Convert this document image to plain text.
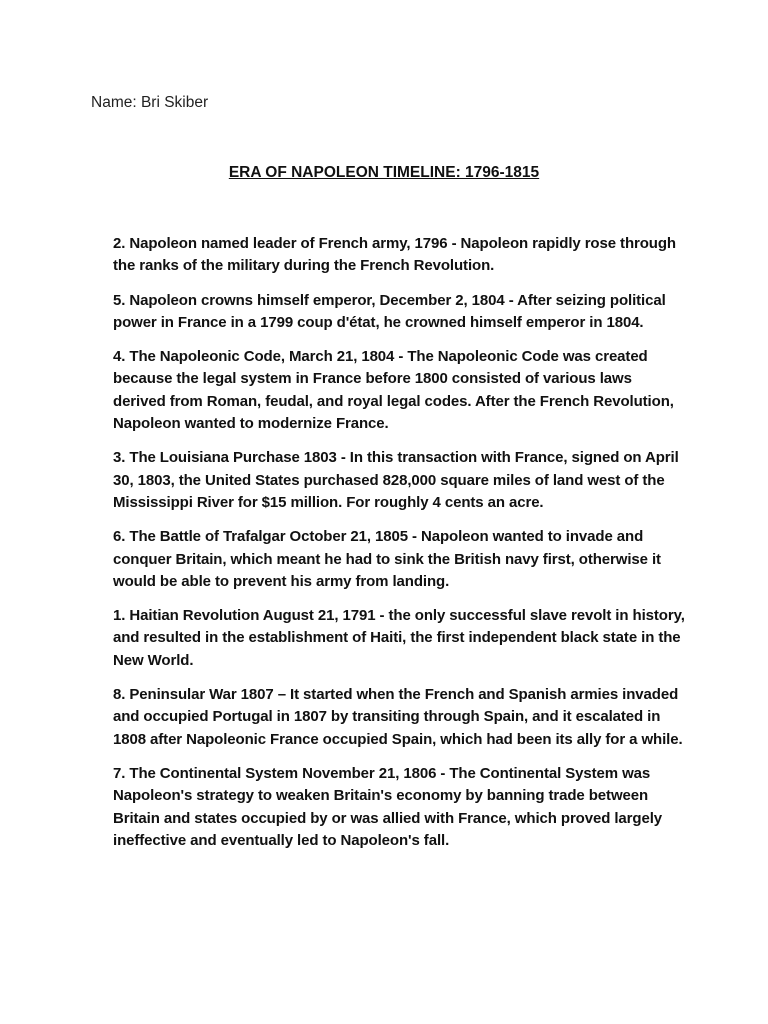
Name: Bri Skiber
ERA OF NAPOLEON TIMELINE: 1796-1815

2. Napoleon named leader of French army, 1796 - Napoleon rapidly rose through the ranks of the military during the French Revolution.

5. Napoleon crowns himself emperor, December 2, 1804 - After seizing political power in France in a 1799 coup d'état, he crowned himself emperor in 1804.

4. The Napoleonic Code, March 21, 1804 - The Napoleonic Code was created because the legal system in France before 1800 consisted of various laws derived from Roman, feudal, and royal legal codes. After the French Revolution, Napoleon wanted to modernize France.

3. The Louisiana Purchase 1803 - In this transaction with France, signed on April 30, 1803, the United States purchased 828,000 square miles of land west of the Mississippi River for $15 million. For roughly 4 cents an acre.

6. The Battle of Trafalgar October 21, 1805 - Napoleon wanted to invade and conquer Britain, which meant he had to sink the British navy first, otherwise it would be able to prevent his army from landing.

1. Haitian Revolution August 21, 1791 - the only successful slave revolt in history, and resulted in the establishment of Haiti, the first independent black state in the New World.

8. Peninsular War 1807 – It started when the French and Spanish armies invaded and occupied Portugal in 1807 by transiting through Spain, and it escalated in 1808 after Napoleonic France occupied Spain, which had been its ally for a while.

7. The Continental System November 21, 1806 - The Continental System was Napoleon's strategy to weaken Britain's economy by banning trade between Britain and states occupied by or was allied with France, which proved largely ineffective and eventually led to Napoleon's fall.
